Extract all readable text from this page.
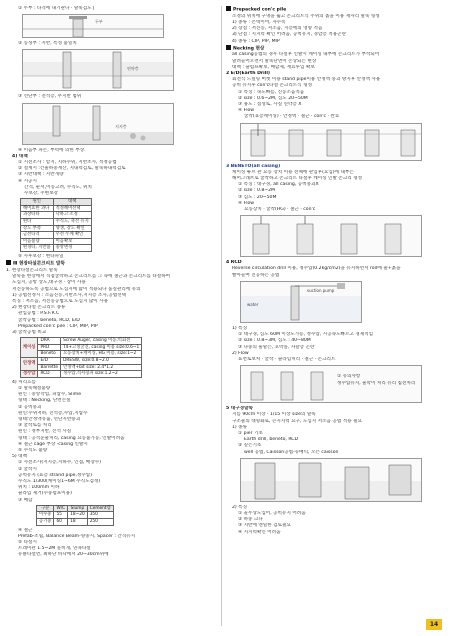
① 두부 : 타격에 내기관다 · 말뚝검도 |
두부
② 동성부 : 지반, 특성 불일치
연약층
③ 선단부 : 전석층, 무지반 범위
지지층
④ 이음부 파손, 부력에 의한 부상.
4) 대책
① 시전조사 : 암지, 지하수위, 지반조사, 적정공법
② 설계시 :건물하중계산, 지내력검토, 말뚝하내력검토
③ 지반대책 : 지반개량
④ 시공시
간격, 순서,이동고려, 수직도, 위치
수보강, 주변보강
원인	대책
해머효한 과다	적정해머선택
과상타타	낙하고 조정
편타	수직도, 축선 유지
강도 부족	양생, 강도 확인
금선타격	우선 두께 확인
이음불량	이음확보
편경타, 지반불	중앙변경
⑤ 사후보강 : 현타파일
Ⅲ 현장타설콘크리트 말뚝
1. 현장타설콘크리트 말뚝
말뚝을 현장에서 직접굴착하고 콘크리트를 그 속에 철근과 콘크리트를 타설하여
도심지, 공항 상도,대구경 · 장이 사용
저진동하도록 공법으로 도심지에 많이 적용되나 품질관리에 유의
1) 공법선정시 : 소음진동,지반조사,지지층 조사,공법선택
특징 : 저소음, 저진동공법으로 도심지 많이 사용
2) 현장타설 콘크리트 종류
관입공법 : P.S.F.R.C
굴착공법 : beneto, RCD, E/D
Prepacked con'c pile : CIP, MIP, PIP
3) 굴착공법 비교
케이싱	DRA	Screw Auger, casing 이동,역회전
	PRD	T4+고정굴진, casing 이용 size:0.6~1
	Beneto	요동장치+케이싱, HG 이용, size:1~2
안정액	E/D	DRESW, size:0.8~2.0
	Barrette	안정액+bit size: 2.4*1.2
정수압	RCD	정수압,석셔형파 size:1.2~2
4) 처리흐름
① 말뚝해설불량
원인 : 중앙작업, 피압수, Slime
형태 : Necking, 단면손실
② 공벽붕괴
원인:수위저하, 진석층,수압,지압수
형태:안정액유출, 선단지반붕괴
③ 굴착토를 처리
원인 : 정부지반, 진석 사질
형태 : 공석눈물처리, casing 요동불가능, 인발어려움
④ 철근 cage 부상 ·casing 인발시
⑤ 수직도 불량
5) 대책
① 사전조사(지지층,지하수, 인접, 매장수)
② 굴착시
공벽유지 (표층 strand pipe,정수압)
수직도 1/300(케이싱1~6M 수직도검정)
위치 : 100mm 이하
슬라임 제거(수중펌프이용)
③ 배합
구분	W/C	Slump	Cement량
이수중	55	18~20	350
공기중	60	18	250
④ 철근
Prefab-조립, Balance Beam-양중시, Spacer : 간격유지
⑤ 타설시
트레미관 1.5~2M 묻히게, 연속타설
유클타설면, 최하단 바닥에서 20~30cm위에
Prepacked con'c pile
소정의 위치에 구멍을 뚫고 콘크리트식 주위의 흙을 이용 재자리 말뚝 형성
1) 종류 : 콘텍이어, 자수복
2) 장점 : 저진동, 저소음, 지층에의 영향 적음
3) 단점 : 지지력 확인 어려움, 공벽유지, 경암층 적용곤란
4) 종류 : CIP, PIP, MIP
Necking 현상
all casing공법의 경우 타설후 인발시 케이싱 내부에 콘크리트가 부착되어
말려들어오면서 말뚝단면이 손상되는 현상
대책 : 슬럼프확보, 배합제, 재료투입 확보
2 E/D(Earth Drill)
회전식 드릴링 버켓 이용 stand pipe이용 안정액 붕괴 방지후 안정액 사용
공벽 유지후 con'c타설 콘크리트식 형성
① 특징 : 속도빠름, 진동소음적음
② size : 0.6~2M, 심도 20~50M
③ 용도 : 점성토, 사질 연약층 X
④ Flow
굴착(표층케이싱) · 안정액 · 철근 · con'c · 완료
3 BENETO(all casing)
케이싱 튜브 관 요동 장치 이용 전체에 관입후(요입)에 내부는
해머그래브로 굴착하고 콘크리트 타설후 케이싱 인발 콘크리 형성
① 특징 : 대구경, all casing, 공벽붕괴X
② size : 0.8~2M
③ 심도 : 20~50M
④ Flow
요동장치 · 굴착(HG) · 철근 · con'c
4 RCD
Reverse circulation drill 이용, 정수압(0.2kg/cm2)을 유지하면서 rod에 물+흙을
빨아들여 진공하는 공법
suction pump
water
1) 특징
① 대구경, 심도 60M 이상도가능, 정수압, 시공속도빠르고 경제적임
② size : 0.8~3M, 심도 : 40~80M
③ 다중의 물말은, 호박돌, 자갈층 곤란
2) Flow
표면토보처 · 굴착 · 슬라임처리 · 철근 · 콘크리트
① 유의사항
정수압유지, 물막이 처리 유리 침전처리
5 대구경말뚝
지름 90cm 이상 · 1/15 이상 size의 말뚝
구조물의 대형화로, 큰지지력 요구, 도심지 저소음 공법 적용 필요
1) 종류
① pier 기초
Earth drill, beneto, RCD
② 깊은기초
well 공법, Caisson공법-뉴매틱, 오픈 caisson
2) 특징
① 골두상도입어, 공벽유지 어려움
② 하중 크다
③ 지반에 엔일한 검토필요
④ 지지력확인 어려움
14
